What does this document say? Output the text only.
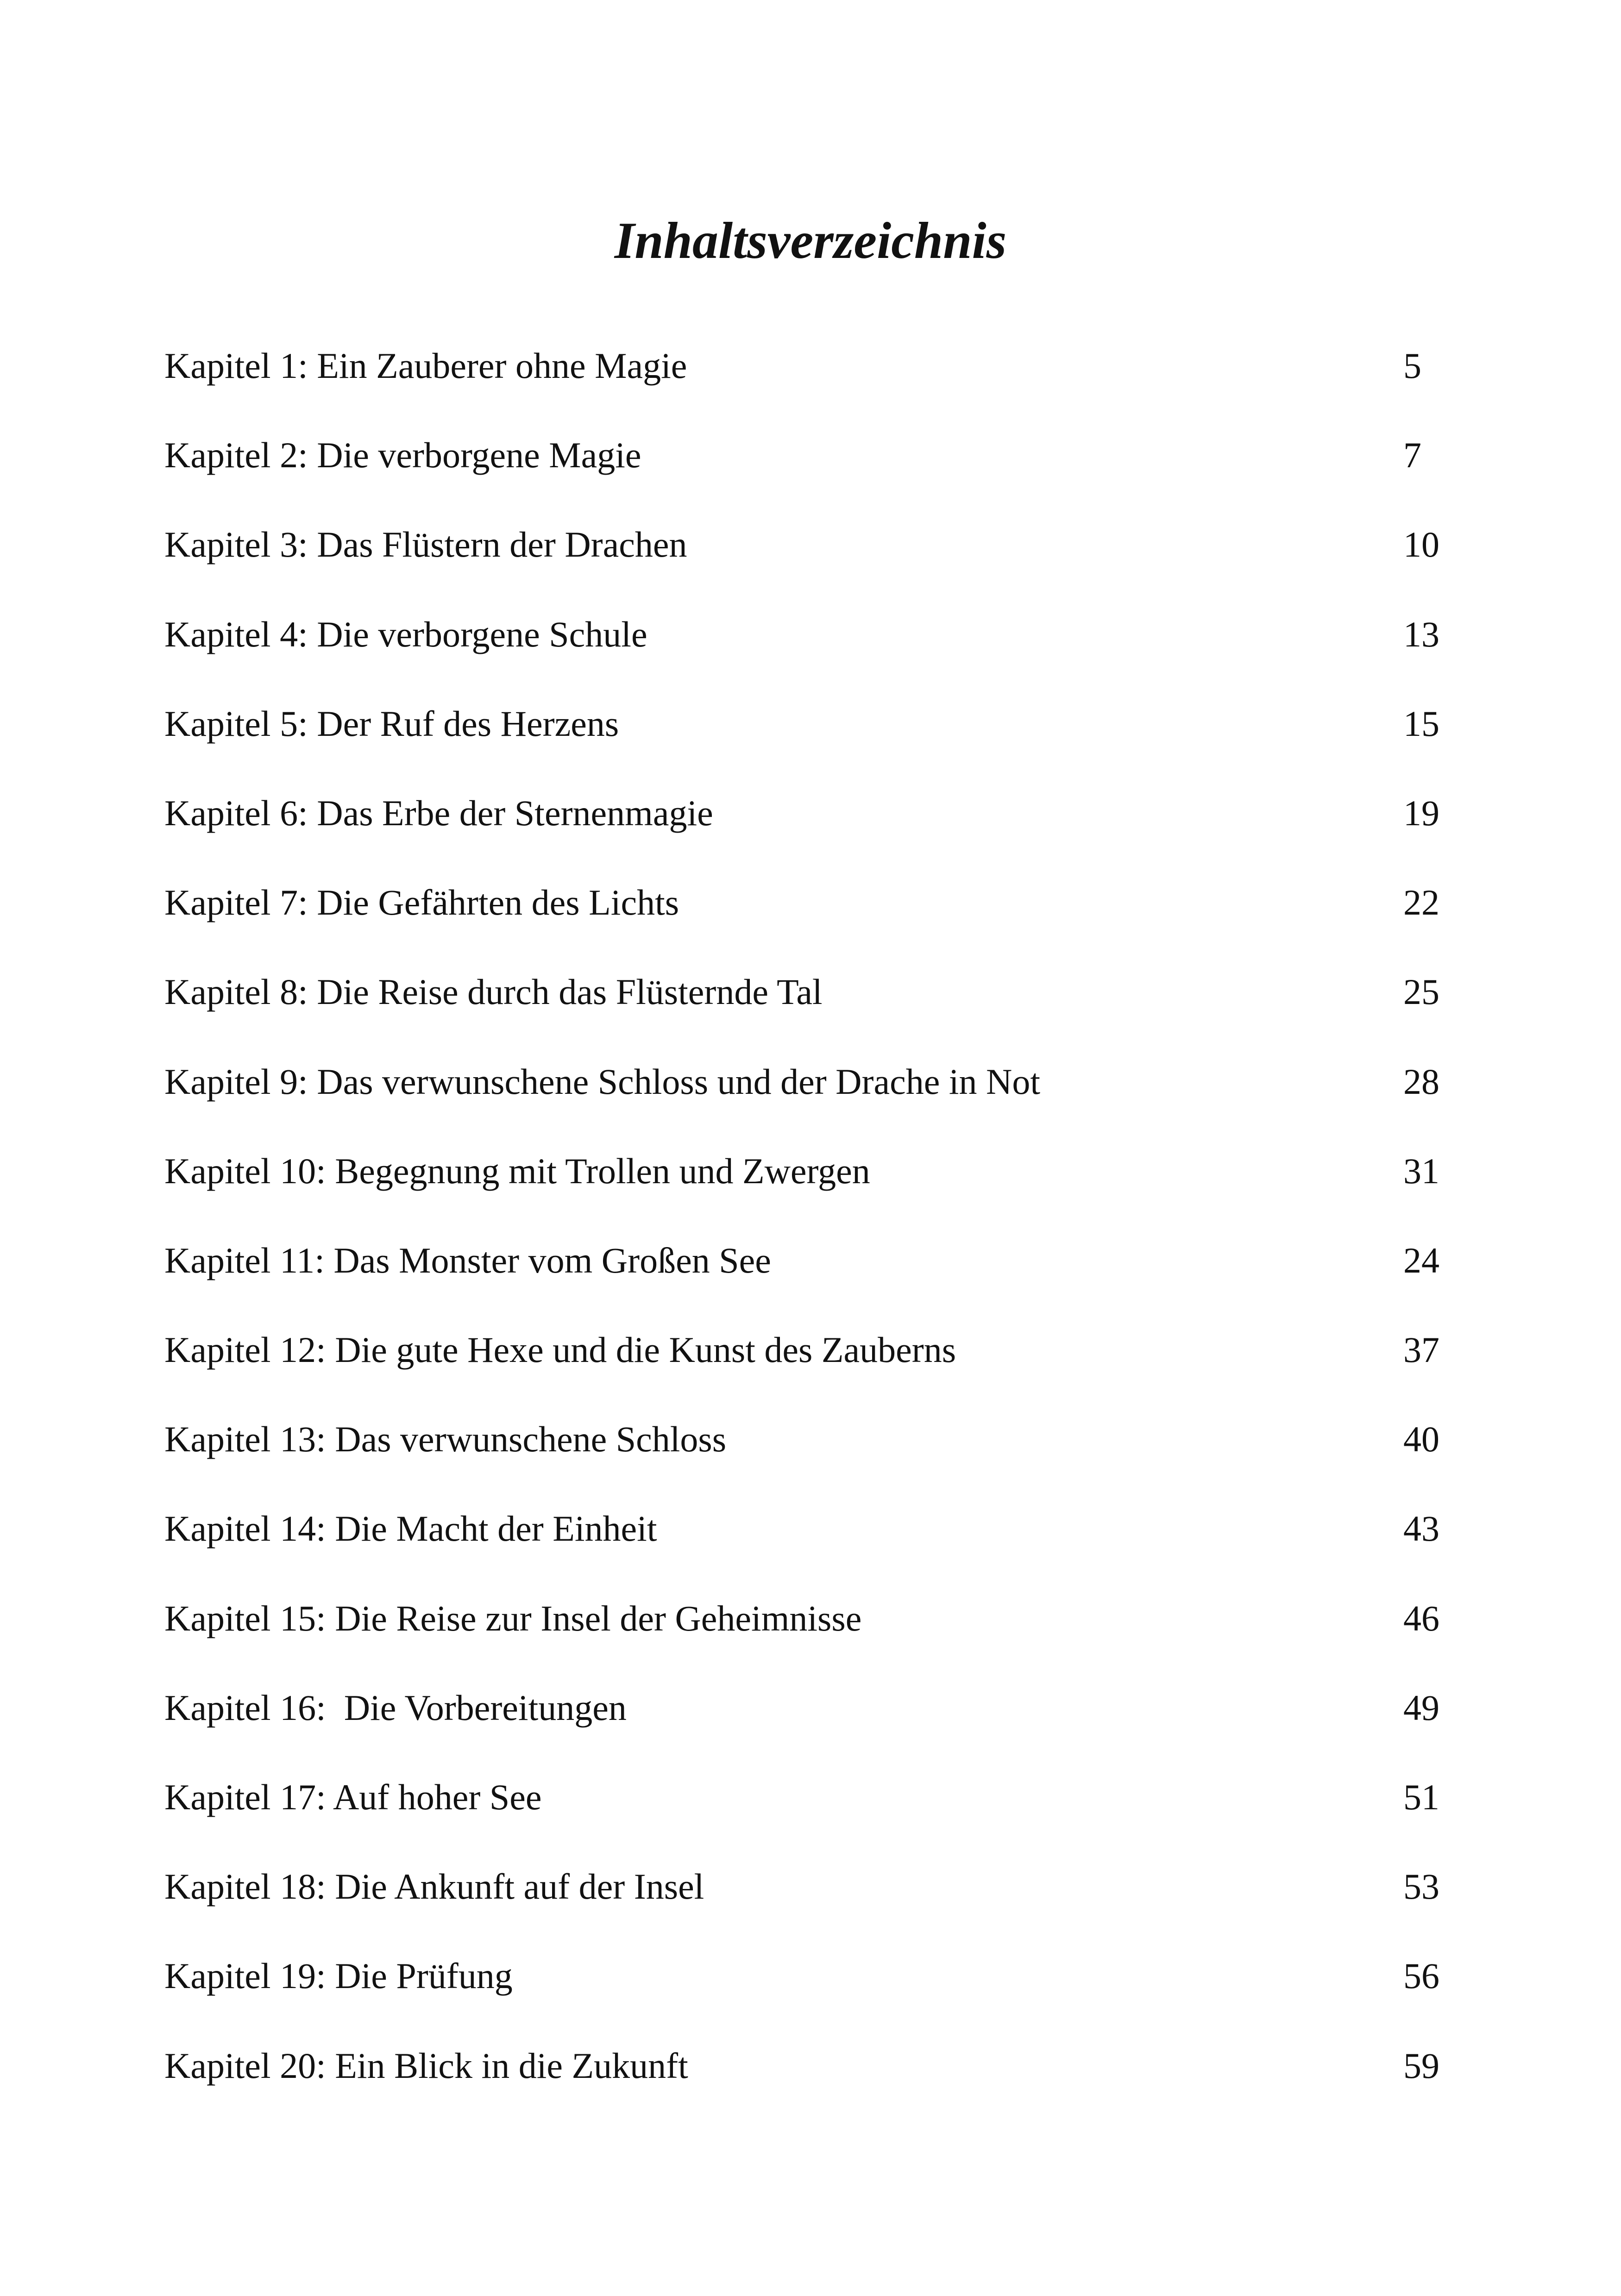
Inhaltsverzeichnis
Kapitel 1: Ein Zauberer ohne Magie	5
Kapitel 2: Die verborgene Magie	7
Kapitel 3: Das Flüstern der Drachen	10
Kapitel 4: Die verborgene Schule	13
Kapitel 5: Der Ruf des Herzens	15
Kapitel 6: Das Erbe der Sternenmagie	19
Kapitel 7: Die Gefährten des Lichts	22
Kapitel 8: Die Reise durch das Flüsternde Tal	25
Kapitel 9: Das verwunschene Schloss und der Drache in Not	28
Kapitel 10: Begegnung mit Trollen und Zwergen	31
Kapitel 11: Das Monster vom Großen See	24
Kapitel 12: Die gute Hexe und die Kunst des Zauberns	37
Kapitel 13: Das verwunschene Schloss	40
Kapitel 14: Die Macht der Einheit	43
Kapitel 15: Die Reise zur Insel der Geheimnisse	46
Kapitel 16:  Die Vorbereitungen	49
Kapitel 17: Auf hoher See	51
Kapitel 18: Die Ankunft auf der Insel	53
Kapitel 19: Die Prüfung	56
Kapitel 20: Ein Blick in die Zukunft	59
